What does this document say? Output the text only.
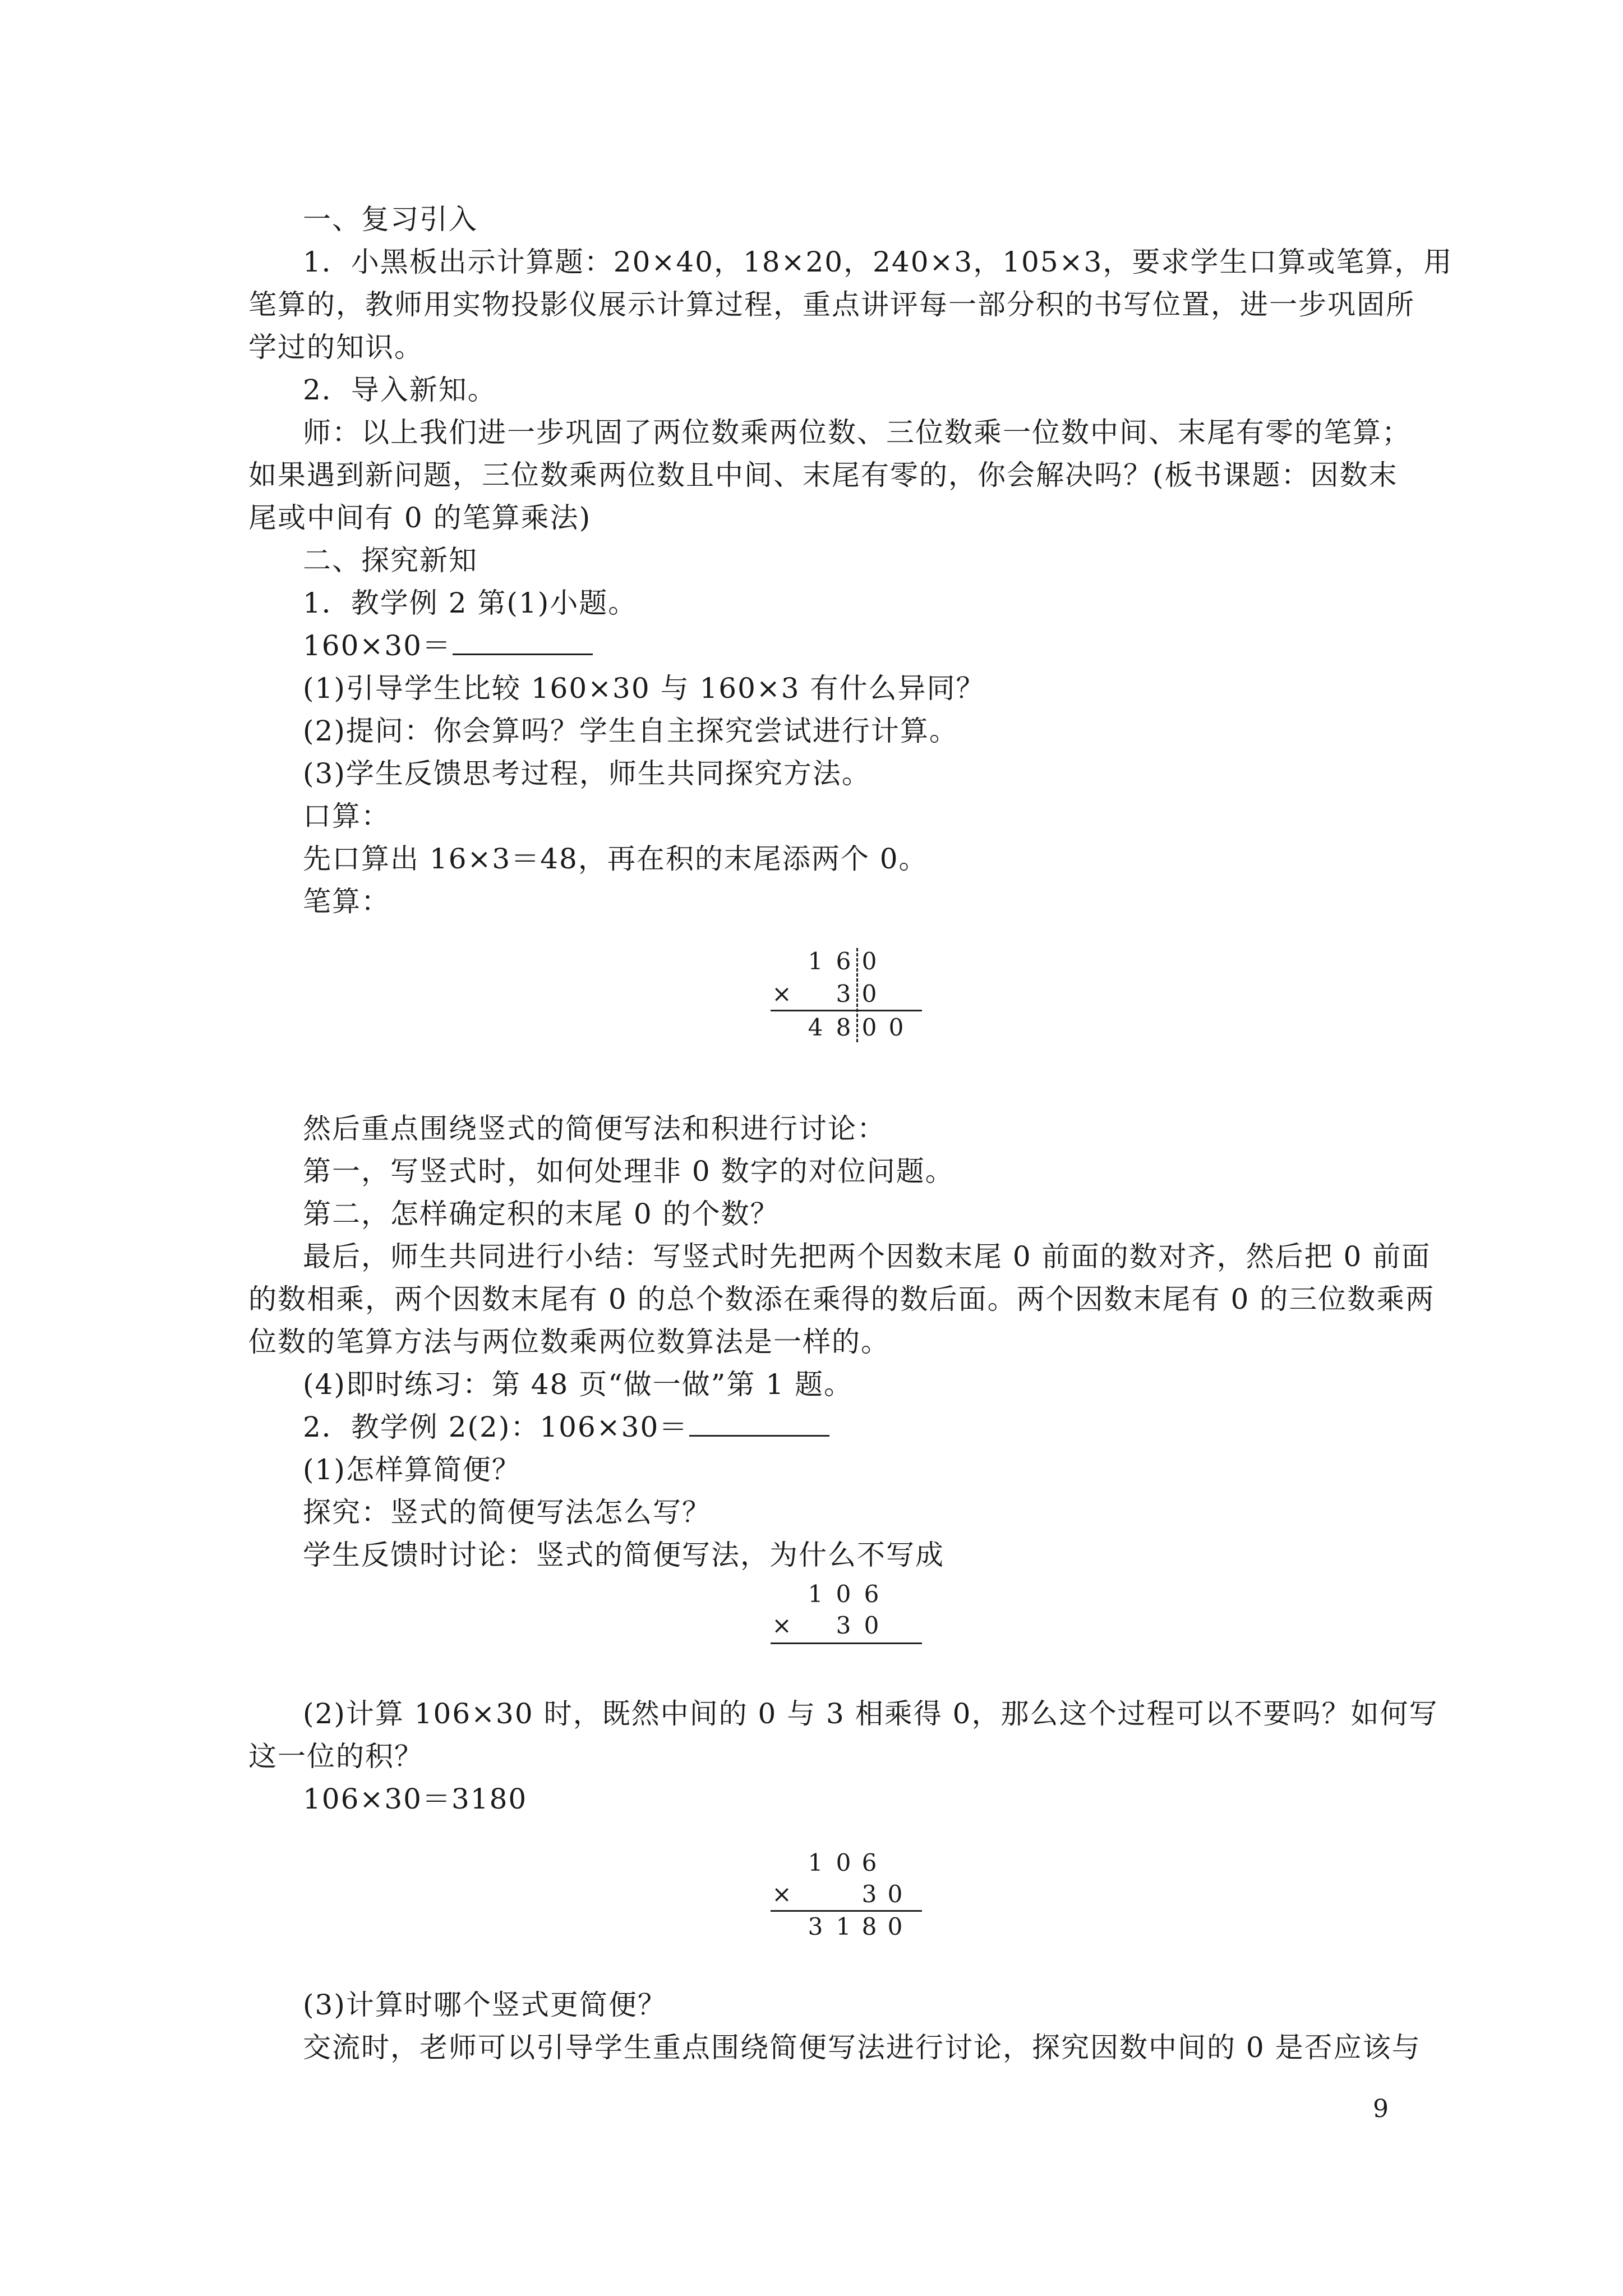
一、复习引入
1．小黑板出示计算题：20×40，18×20，240×3，105×3，要求学生口算或笔算，用
笔算的，教师用实物投影仪展示计算过程，重点讲评每一部分积的书写位置，进一步巩固所
学过的知识。
2．导入新知。
师：以上我们进一步巩固了两位数乘两位数、三位数乘一位数中间、末尾有零的笔算；
如果遇到新问题，三位数乘两位数且中间、末尾有零的，你会解决吗？(板书课题：因数末
尾或中间有 0 的笔算乘法)
二、探究新知
1．教学例 2 第(1)小题。
160×30＝
(1)引导学生比较 160×30 与 160×3 有什么异同？
(2)提问：你会算吗？学生自主探究尝试进行计算。
(3)学生反馈思考过程，师生共同探究方法。
口算：
先口算出 16×3＝48，再在积的末尾添两个 0。
笔算：
1 6 0
× 3 0
4 8 0 0
然后重点围绕竖式的简便写法和积进行讨论：
第一，写竖式时，如何处理非 0 数字的对位问题。
第二，怎样确定积的末尾 0 的个数？
最后，师生共同进行小结：写竖式时先把两个因数末尾 0 前面的数对齐，然后把 0 前面
的数相乘，两个因数末尾有 0 的总个数添在乘得的数后面。两个因数末尾有 0 的三位数乘两
位数的笔算方法与两位数乘两位数算法是一样的。
(4)即时练习：第 48 页“做一做”第 1 题。
2．教学例 2(2)：106×30＝
(1)怎样算简便？
探究：竖式的简便写法怎么写？
学生反馈时讨论：竖式的简便写法，为什么不写成
1 0 6
× 3 0
(2)计算 106×30 时，既然中间的 0 与 3 相乘得 0，那么这个过程可以不要吗？如何写
这一位的积？
106×30＝3180
1 0 6
×	3 0
3 1 8 0
(3)计算时哪个竖式更简便？
交流时，老师可以引导学生重点围绕简便写法进行讨论，探究因数中间的 0 是否应该与
9
